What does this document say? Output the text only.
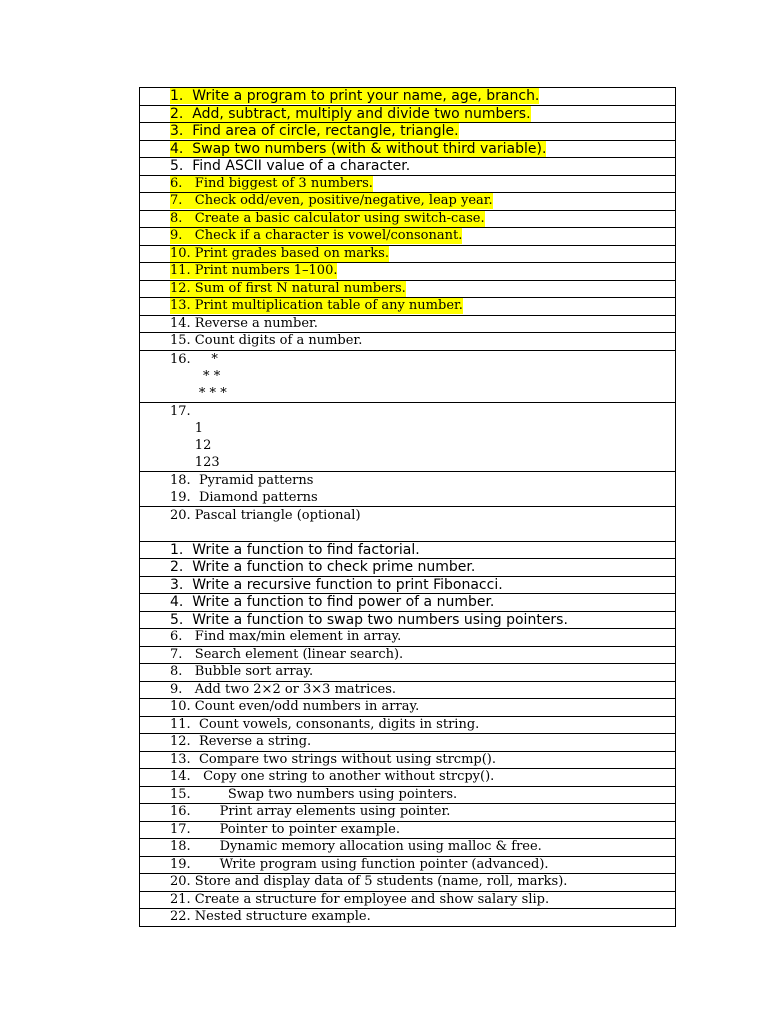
1.  Write a program to print your name, age, branch.
2.  Add, subtract, multiply and divide two numbers.
3.  Find area of circle, rectangle, triangle.
4.  Swap two numbers (with & without third variable).
5.  Find ASCII value of a character.
6.   Find biggest of 3 numbers.
7.   Check odd/even, positive/negative, leap year.
8.   Create a basic calculator using switch-case.
9.   Check if a character is vowel/consonant.
10. Print grades based on marks.
11. Print numbers 1–100.
12. Sum of first N natural numbers.
13. Print multiplication table of any number.
14. Reverse a number.
15. Count digits of a number.
16.     *
* *
* * *
17.
1
12
123
18.  Pyramid patterns
19.  Diamond patterns
20. Pascal triangle (optional)
1.  Write a function to find factorial.
2.  Write a function to check prime number.
3.  Write a recursive function to print Fibonacci.
4.  Write a function to find power of a number.
5.  Write a function to swap two numbers using pointers.
6.   Find max/min element in array.
7.   Search element (linear search).
8.   Bubble sort array.
9.   Add two 2×2 or 3×3 matrices.
10. Count even/odd numbers in array.
11.  Count vowels, consonants, digits in string.
12.  Reverse a string.
13.  Compare two strings without using strcmp().
14.   Copy one string to another without strcpy().
15.         Swap two numbers using pointers.
16.       Print array elements using pointer.
17.       Pointer to pointer example.
18.       Dynamic memory allocation using malloc & free.
19.       Write program using function pointer (advanced).
20. Store and display data of 5 students (name, roll, marks).
21. Create a structure for employee and show salary slip.
22. Nested structure example.
